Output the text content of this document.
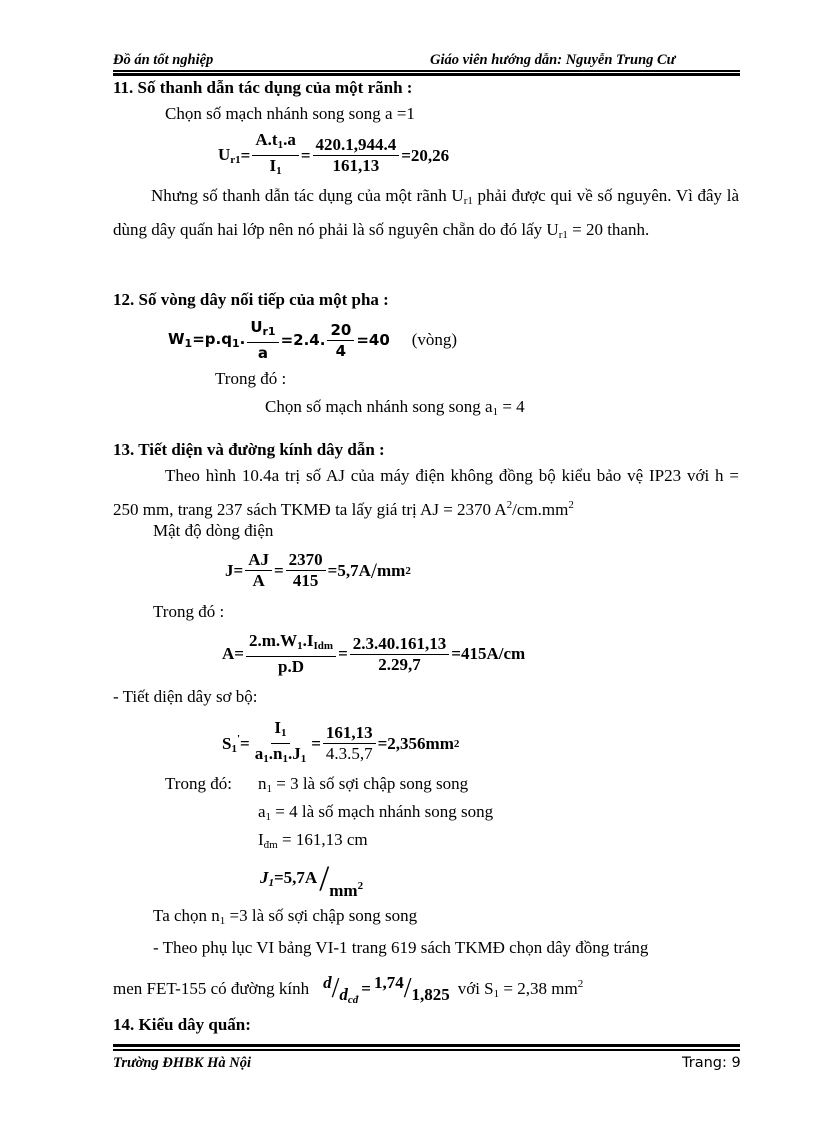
Đồ án tốt nghiệp	Giáo viên hướng dẫn: Nguyễn Trung Cư
11. Số thanh dẫn tác dụng của một rãnh :
Chọn số mạch nhánh song song a =1
$U_{r1} = \frac{A.t_1.a}{I_1} = \frac{420.1,944.4}{161,13} =20,26$

Nhưng số thanh dẫn tác dụng của một rãnh $U_{r1}$ phải được qui về số nguyên. Vì đây là dùng dây quấn hai lớp nên nó phải là số nguyên chẵn do đó lấy $U_{r1} = 20$ thanh.

12. Số vòng dây nối tiếp của một pha :
$W_1 =p.q_1$. $\frac{U_{r1}}{a} =2.4$. $\frac{20}{4} =40$ (vòng)
Trong đó :
Chọn số mạch nhánh song song $a_1 = 4$
13. Tiết diện và đường kính dây dẫn :

Theo hình 10.4a trị số AJ của máy điện không đồng bộ kiểu bảo vệ IP23 với h = 250 mm, trang 237 sách TKMĐ ta lấy giá trị AJ = 2370 $A^2/cm.mm^2$

Mật độ dòng điện
$J= \frac{AJ}{A} = \frac{2370}{415} =5,7A$ / mm 2
Trong đó :
$A= \frac{2.m.W_1.I_{Idm}}{p.D} = \frac{2.3.40.161,13}{2.29,7} =415A/cm$
- Tiết diện dây sơ bộ:
$S_1' = \frac{I_1}{a_1.n_1.J_1} = \frac{161,13}{4.3.5,7} =2,356mm$ 2
Trong đó: $n_1 = 3$ là số sợi chập song song
$a_1 = 4$ là số mạch nhánh song song
$I_{đm} = 161,13$ cm
$J_1 =5,7A / mm^2$
Ta chọn $n_1 =3$ là số sợi chập song song

- Theo phụ lục VI bảng VI-1 trang 619 sách TKMĐ chọn dây đồng tráng

men FET-155 có đường kính d / $d_{cđ}$
= 1,74 / 1,825 với $S_1 = 2,38$ $mm^2$
14. Kiểu dây quấn:
Trường ĐHBK Hà Nội	Trang: 9
